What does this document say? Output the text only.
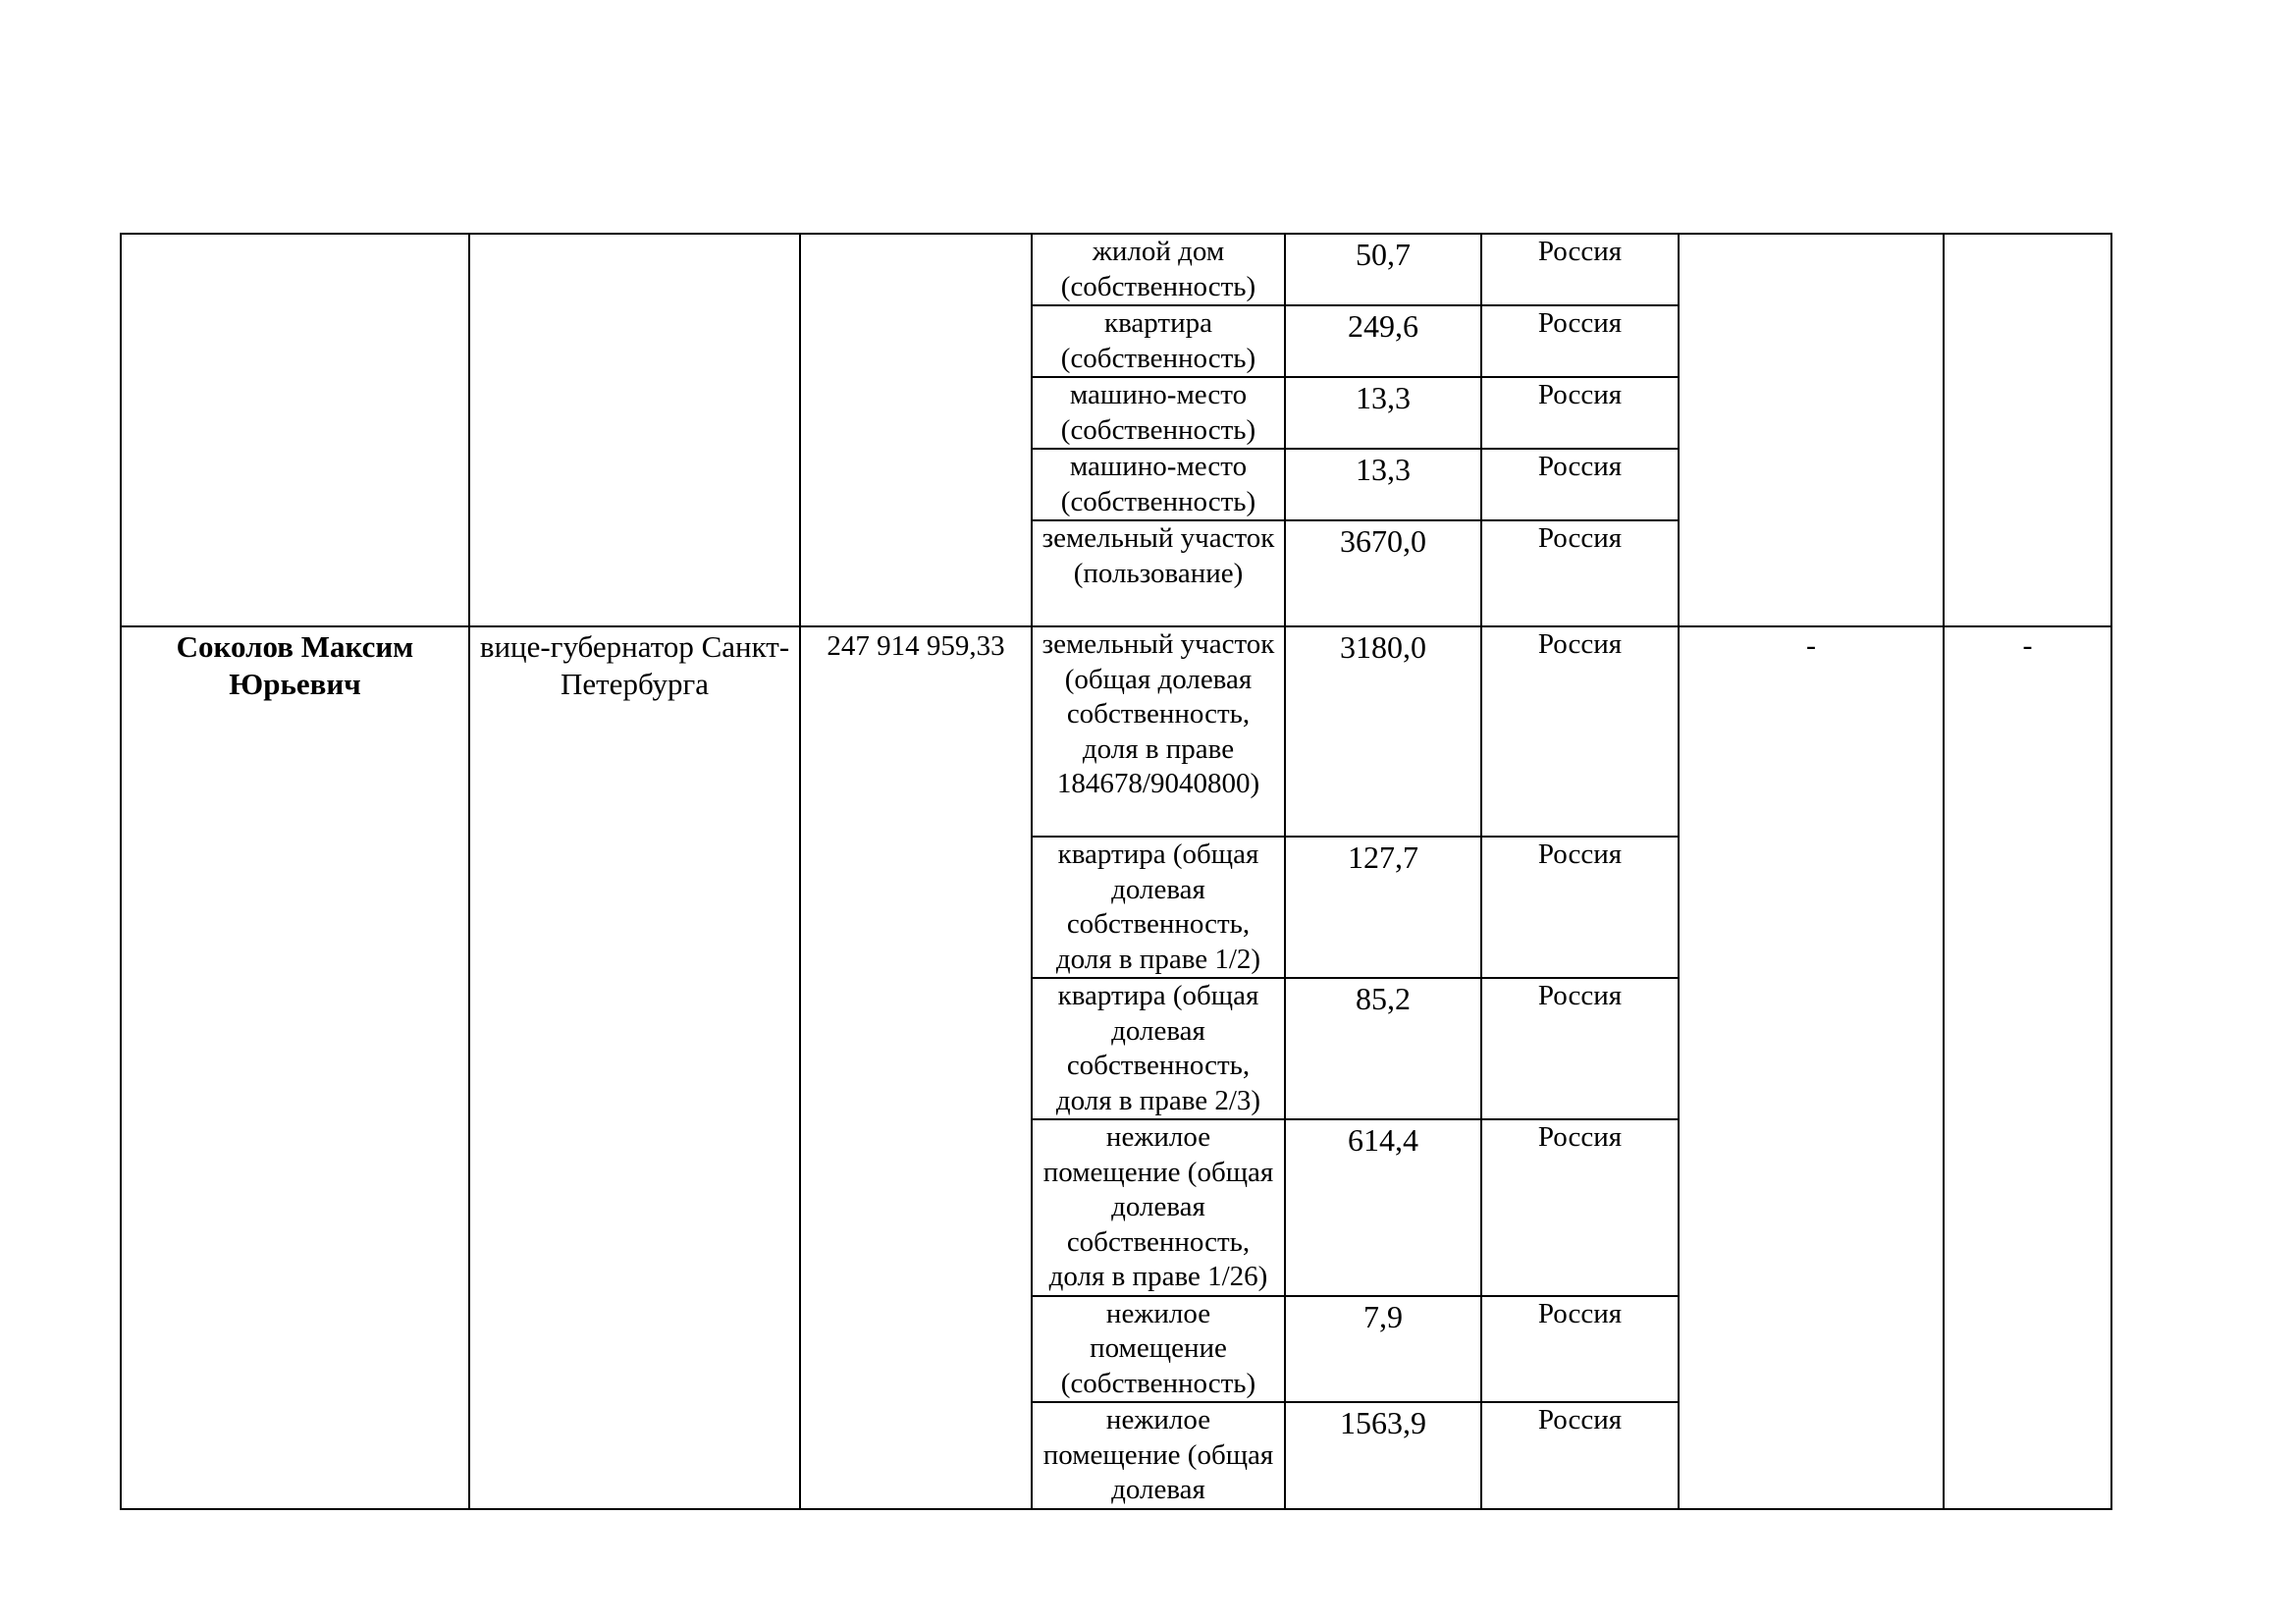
			жилой дом (собственность)	50,7	Россия		

			квартира (собственность)	249,6	Россия		

			машино-место (собственность)	13,3	Россия		

			машино-место (собственность)	13,3	Россия		

			земельный участок (пользование)	3670,0	Россия		

Соколов Максим Юрьевич	вице-губернатор Санкт-Петербурга	247 914 959,33	земельный участок (общая долевая собственность, доля в праве 184678/9040800)	3180,0	Россия	-	-

			квартира (общая долевая собственность, доля в праве 1/2)	127,7	Россия		

			квартира (общая долевая собственность, доля в праве 2/3)	85,2	Россия		

			нежилое помещение (общая долевая собственность, доля в праве 1/26)	614,4	Россия		

			нежилое помещение (собственность)	7,9	Россия		

			нежилое помещение (общая долевая	1563,9	Россия		
